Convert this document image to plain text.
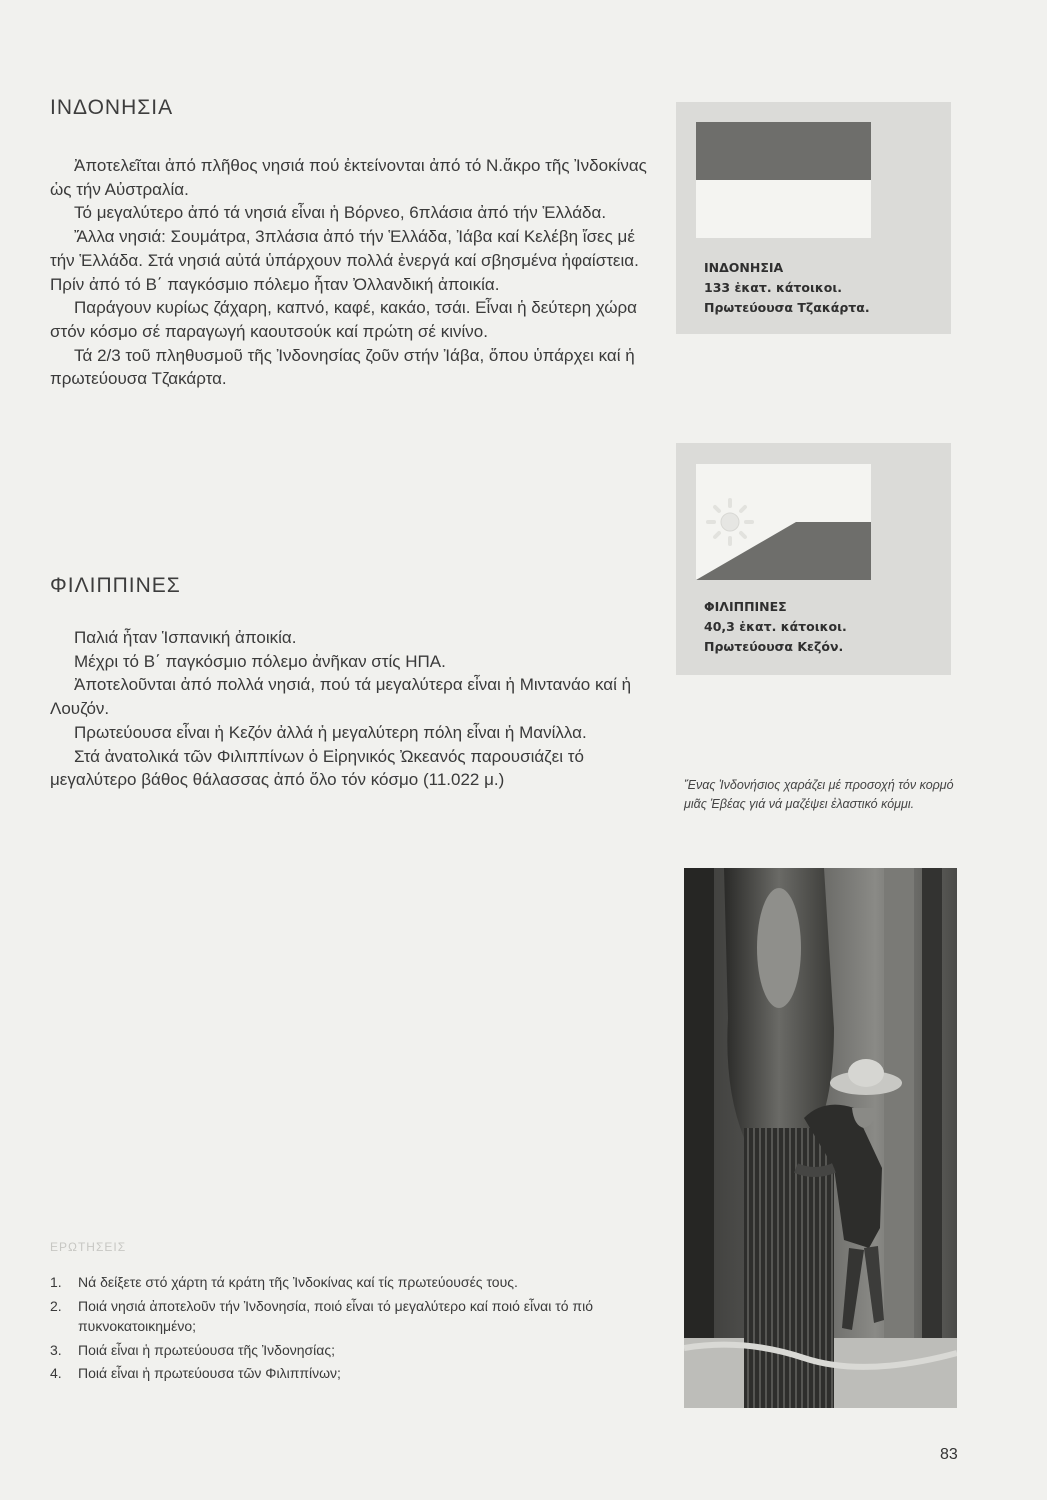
ΙΝΔΟΝΗΣΙΑ

Ἀποτελεῖται ἀπό πλῆθος νησιά πού ἐκτείνονται ἀπό τό Ν.ἄκρο τῆς Ἰνδοκίνας ὡς τήν Αὐστραλία.

Τό μεγαλύτερο ἀπό τά νησιά εἶναι ἡ Βόρνεο, 6πλάσια ἀπό τήν Ἑλλάδα.

Ἄλλα νησιά: Σουμάτρα, 3πλάσια ἀπό τήν Ἑλλάδα, Ἰάβα καί Κελέβη ἴσες μέ τήν Ἑλλάδα. Στά νησιά αὐτά ὑπάρχουν πολλά ἐνεργά καί σβησμένα ἡφαίστεια. Πρίν ἀπό τό Β΄ παγκόσμιο πόλεμο ἦταν Ὀλλανδική ἀποικία.

Παράγουν κυρίως ζάχαρη, καπνό, καφέ, κακάο, τσάι. Εἶναι ἡ δεύτερη χώρα στόν κόσμο σέ παραγωγή καουτσούκ καί πρώτη σέ κινίνο.

Τά 2/3 τοῦ πληθυσμοῦ τῆς Ἰνδονησίας ζοῦν στήν Ἰάβα, ὅπου ὑπάρχει καί ἡ πρωτεύουσα Τζακάρτα.

ΦΙΛΙΠΠΙΝΕΣ

Παλιά ἦταν Ἱσπανική ἀποικία.

Μέχρι τό Β΄ παγκόσμιο πόλεμο ἀνῆκαν στίς ΗΠΑ.

Ἀποτελοῦνται ἀπό πολλά νησιά, πού τά μεγαλύτερα εἶναι ἡ Μιντανάο καί ἡ Λουζόν.

Πρωτεύουσα εἶναι ἡ Κεζόν ἀλλά ἡ μεγαλύτερη πόλη εἶναι ἡ Μανίλλα.

Στά ἀνατολικά τῶν Φιλιππίνων ὁ Εἰρηνικός Ὠκεανός παρουσιάζει τό μεγαλύτερο βάθος θάλασσας ἀπό ὅλο τόν κόσμο (11.022 μ.)

ΙΝΔΟΝΗΣΙΑ
133 ἑκατ. κάτοικοι.
Πρωτεύουσα Τζακάρτα.
ΦΙΛΙΠΠΙΝΕΣ
40,3 ἑκατ. κάτοικοι.
Πρωτεύουσα Κεζόν.
Ἕνας Ἰνδονήσιος χαράζει μέ προσοχή τόν κορμό μιᾶς Ἑβέας γιά νά μαζέψει ἐλαστικό κόμμι.
ΕΡΩΤΗΣΕΙΣ
1.	Νά δείξετε στό χάρτη τά κράτη τῆς Ἰνδοκίνας καί τίς πρωτεύουσές τους.
2.	Ποιά νησιά ἀποτελοῦν τήν Ἰνδονησία, ποιό εἶναι τό μεγαλύτερο καί ποιό εἶναι τό πιό πυκνοκατοικημένο;
3.	Ποιά εἶναι ἡ πρωτεύουσα τῆς Ἰνδονησίας;
4.	Ποιά εἶναι ἡ πρωτεύουσα τῶν Φιλιππίνων;
83
